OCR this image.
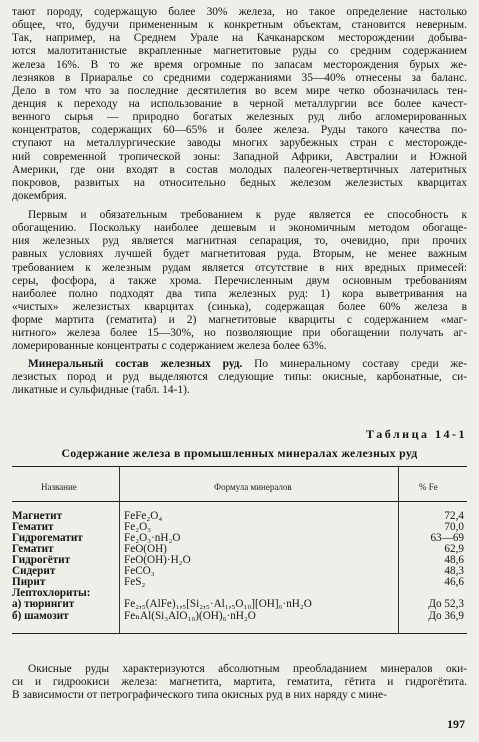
тают породу, содержащую более 30% железа, но такое определение настолько
общее, что, будучи примененным к конкретным объектам, становится неверным.
Так, например, на Среднем Урале на Качканарском месторождении добыва-
ются малотитанистые вкрапленные магнетитовые руды со средним содержанием
железа 16%. В то же время огромные по запасам месторождения бурых же-
лезняков в Приаралье со средними содержаниями 35—40% отнесены за баланс.
Дело в том что за последние десятилетия во всем мире четко обозначилась тен-
денция к переходу на использование в черной металлургии все более качест-
венного сырья — природно богатых железных руд либо агломерированных
концентратов, содержащих 60—65% и более железа. Руды такого качества по-
ступают на металлургические заводы многих зарубежных стран с месторожде-
ний современной тропической зоны: Западной Африки, Австралии и Южной
Америки, где они входят в состав молодых палеоген-четвертичных латеритных
покровов, развитых на относительно бедных железом железистых кварцитах
докембрия.
Первым и обязательным требованием к руде является ее способность к
обогащению. Поскольку наиболее дешевым и экономичным методом обогаще-
ния железных руд является магнитная сепарация, то, очевидно, при прочих
равных условиях лучшей будет магнетитовая руда. Вторым, не менее важным
требованием к железным рудам является отсутствие в них вредных примесей:
серы, фосфора, а также хрома. Перечисленным двум основным требованиям
наиболее полно подходят два типа железных руд: 1) кора выветривания на
«чистых» железистых кварцитах (синька), содержащая более 60% железа в
форме мартита (гематита) и 2) магнетитовые кварциты с содержанием «маг-
нитного» железа более 15—30%, но позволяющие при обогащении получать аг-
ломерированные концентраты с содержанием железа более 63%.
Минеральный состав железных руд. По минеральному составу среди же-
лезистых пород и руд выделяются следующие типы: окисные, карбонатные, си-
ликатные и сульфидные (табл. 14-1).
Таблица 14-1
Содержание железа в промышленных минералах железных руд
Название	Формула минералов	% Fe
Магнетит	FeFe₂O₄	72,4
Гематит	Fe₂O₃	70,0
Гидрогематит	Fe₂O₃·nH₂O	63—69
Гематит	FeO(OH)	62,9
Гидрогётит	FeO(OH)·H₂O	48,6
Сидерит	FeCO₃	48,3
Пирит	FeS₂	46,6
Лептохлориты:
а) тюрингит	Fe₂,₅(AlFe)₁,₅[Si₂,₅·Al₁,₅O₁₀][OH]₆·nH₂O	До 52,3
б) шамозит	FeₙAl(Si₃AlO₁₀)(OH)₆·nH₂O	До 36,9
Окисные руды характеризуются абсолютным преобладанием минералов оки-
си и гидроокиси железа: магнетита, мартита, гематита, гётита и гидрогётита.
В зависимости от петрографического типа окисных руд в них наряду с мине-
197
